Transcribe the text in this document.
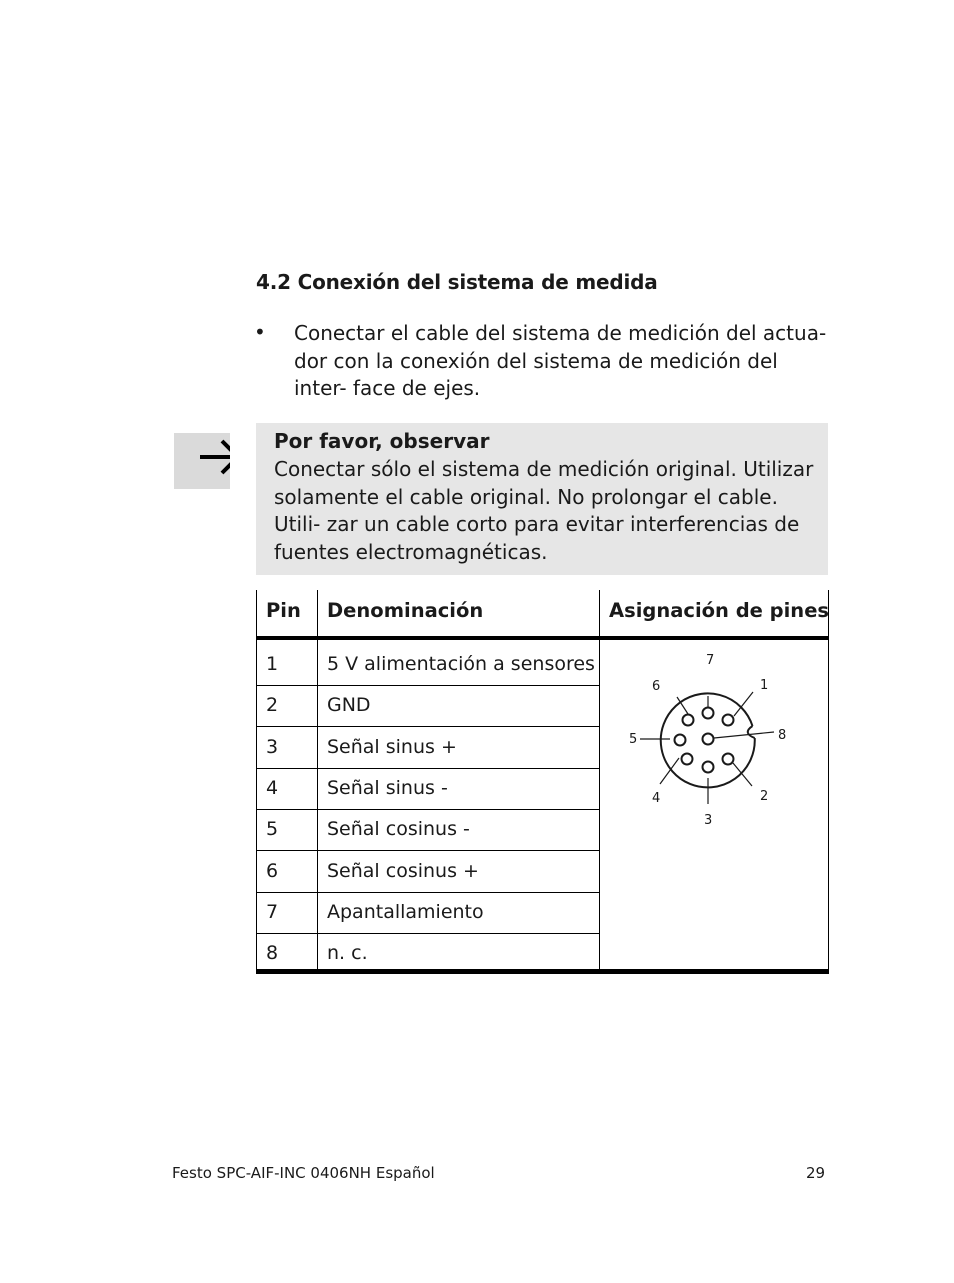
4.2 Conexión del sistema de medida
• Conectar el cable del sistema de medición del actua- dor con la conexión del sistema de medición del inter- face de ejes.
Por favor, observar
Conectar sólo el sistema de medición original. Utilizar solamente el cable original. No prolongar el cable. Utili- zar un cable corto para evitar interferencias de fuentes electromagnéticas.
Pin Denominación	Asignación de pines
1	5 V alimentación a sensores
2	GND
3	Señal sinus +
4	Señal sinus -
5	Señal cosinus -
6	Señal cosinus +
7	Apantallamiento
8	n. c.
1
2
3
4
5
6
7
8
Festo SPC-AIF-INC 0406NH Español	29
